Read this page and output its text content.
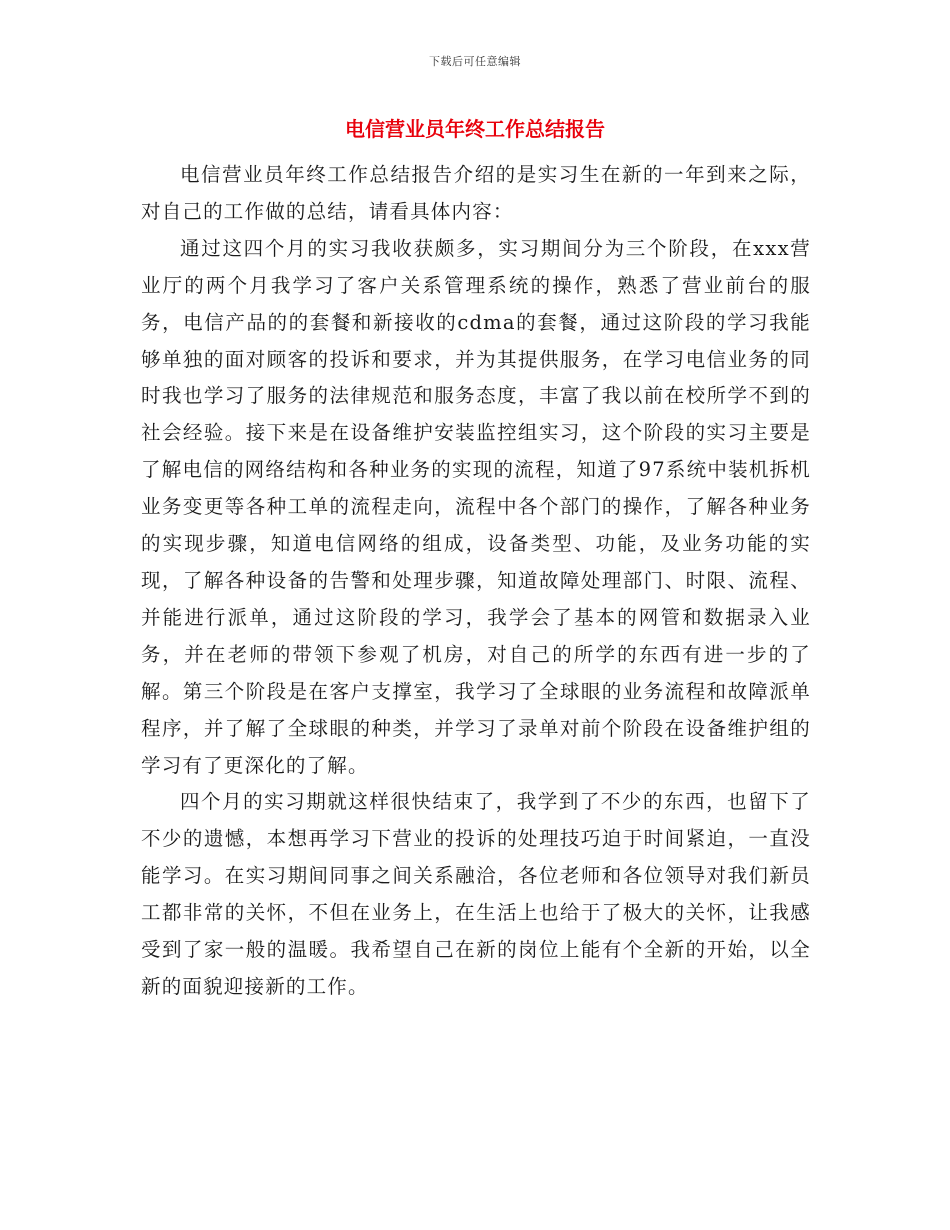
下载后可任意编辑
电信营业员年终工作总结报告

电信营业员年终工作总结报告介绍的是实习生在新的一年到来之际，对自己的工作做的总结，请看具体内容：

通过这四个月的实习我收获颇多，实习期间分为三个阶段，在xxx营业厅的两个月我学习了客户关系管理系统的操作，熟悉了营业前台的服务，电信产品的的套餐和新接收的cdma的套餐，通过这阶段的学习我能够单独的面对顾客的投诉和要求，并为其提供服务，在学习电信业务的同时我也学习了服务的法律规范和服务态度，丰富了我以前在校所学不到的社会经验。接下来是在设备维护安装监控组实习，这个阶段的实习主要是了解电信的网络结构和各种业务的实现的流程，知道了97系统中装机拆机业务变更等各种工单的流程走向，流程中各个部门的操作，了解各种业务的实现步骤，知道电信网络的组成，设备类型、功能，及业务功能的实现，了解各种设备的告警和处理步骤，知道故障处理部门、时限、流程、并能进行派单，通过这阶段的学习，我学会了基本的网管和数据录入业务，并在老师的带领下参观了机房，对自己的所学的东西有进一步的了解。第三个阶段是在客户支撑室，我学习了全球眼的业务流程和故障派单程序，并了解了全球眼的种类，并学习了录单对前个阶段在设备维护组的学习有了更深化的了解。

四个月的实习期就这样很快结束了，我学到了不少的东西，也留下了不少的遗憾，本想再学习下营业的投诉的处理技巧迫于时间紧迫，一直没能学习。在实习期间同事之间关系融洽，各位老师和各位领导对我们新员工都非常的关怀，不但在业务上，在生活上也给于了极大的关怀，让我感受到了家一般的温暖。我希望自己在新的岗位上能有个全新的开始，以全新的面貌迎接新的工作。
